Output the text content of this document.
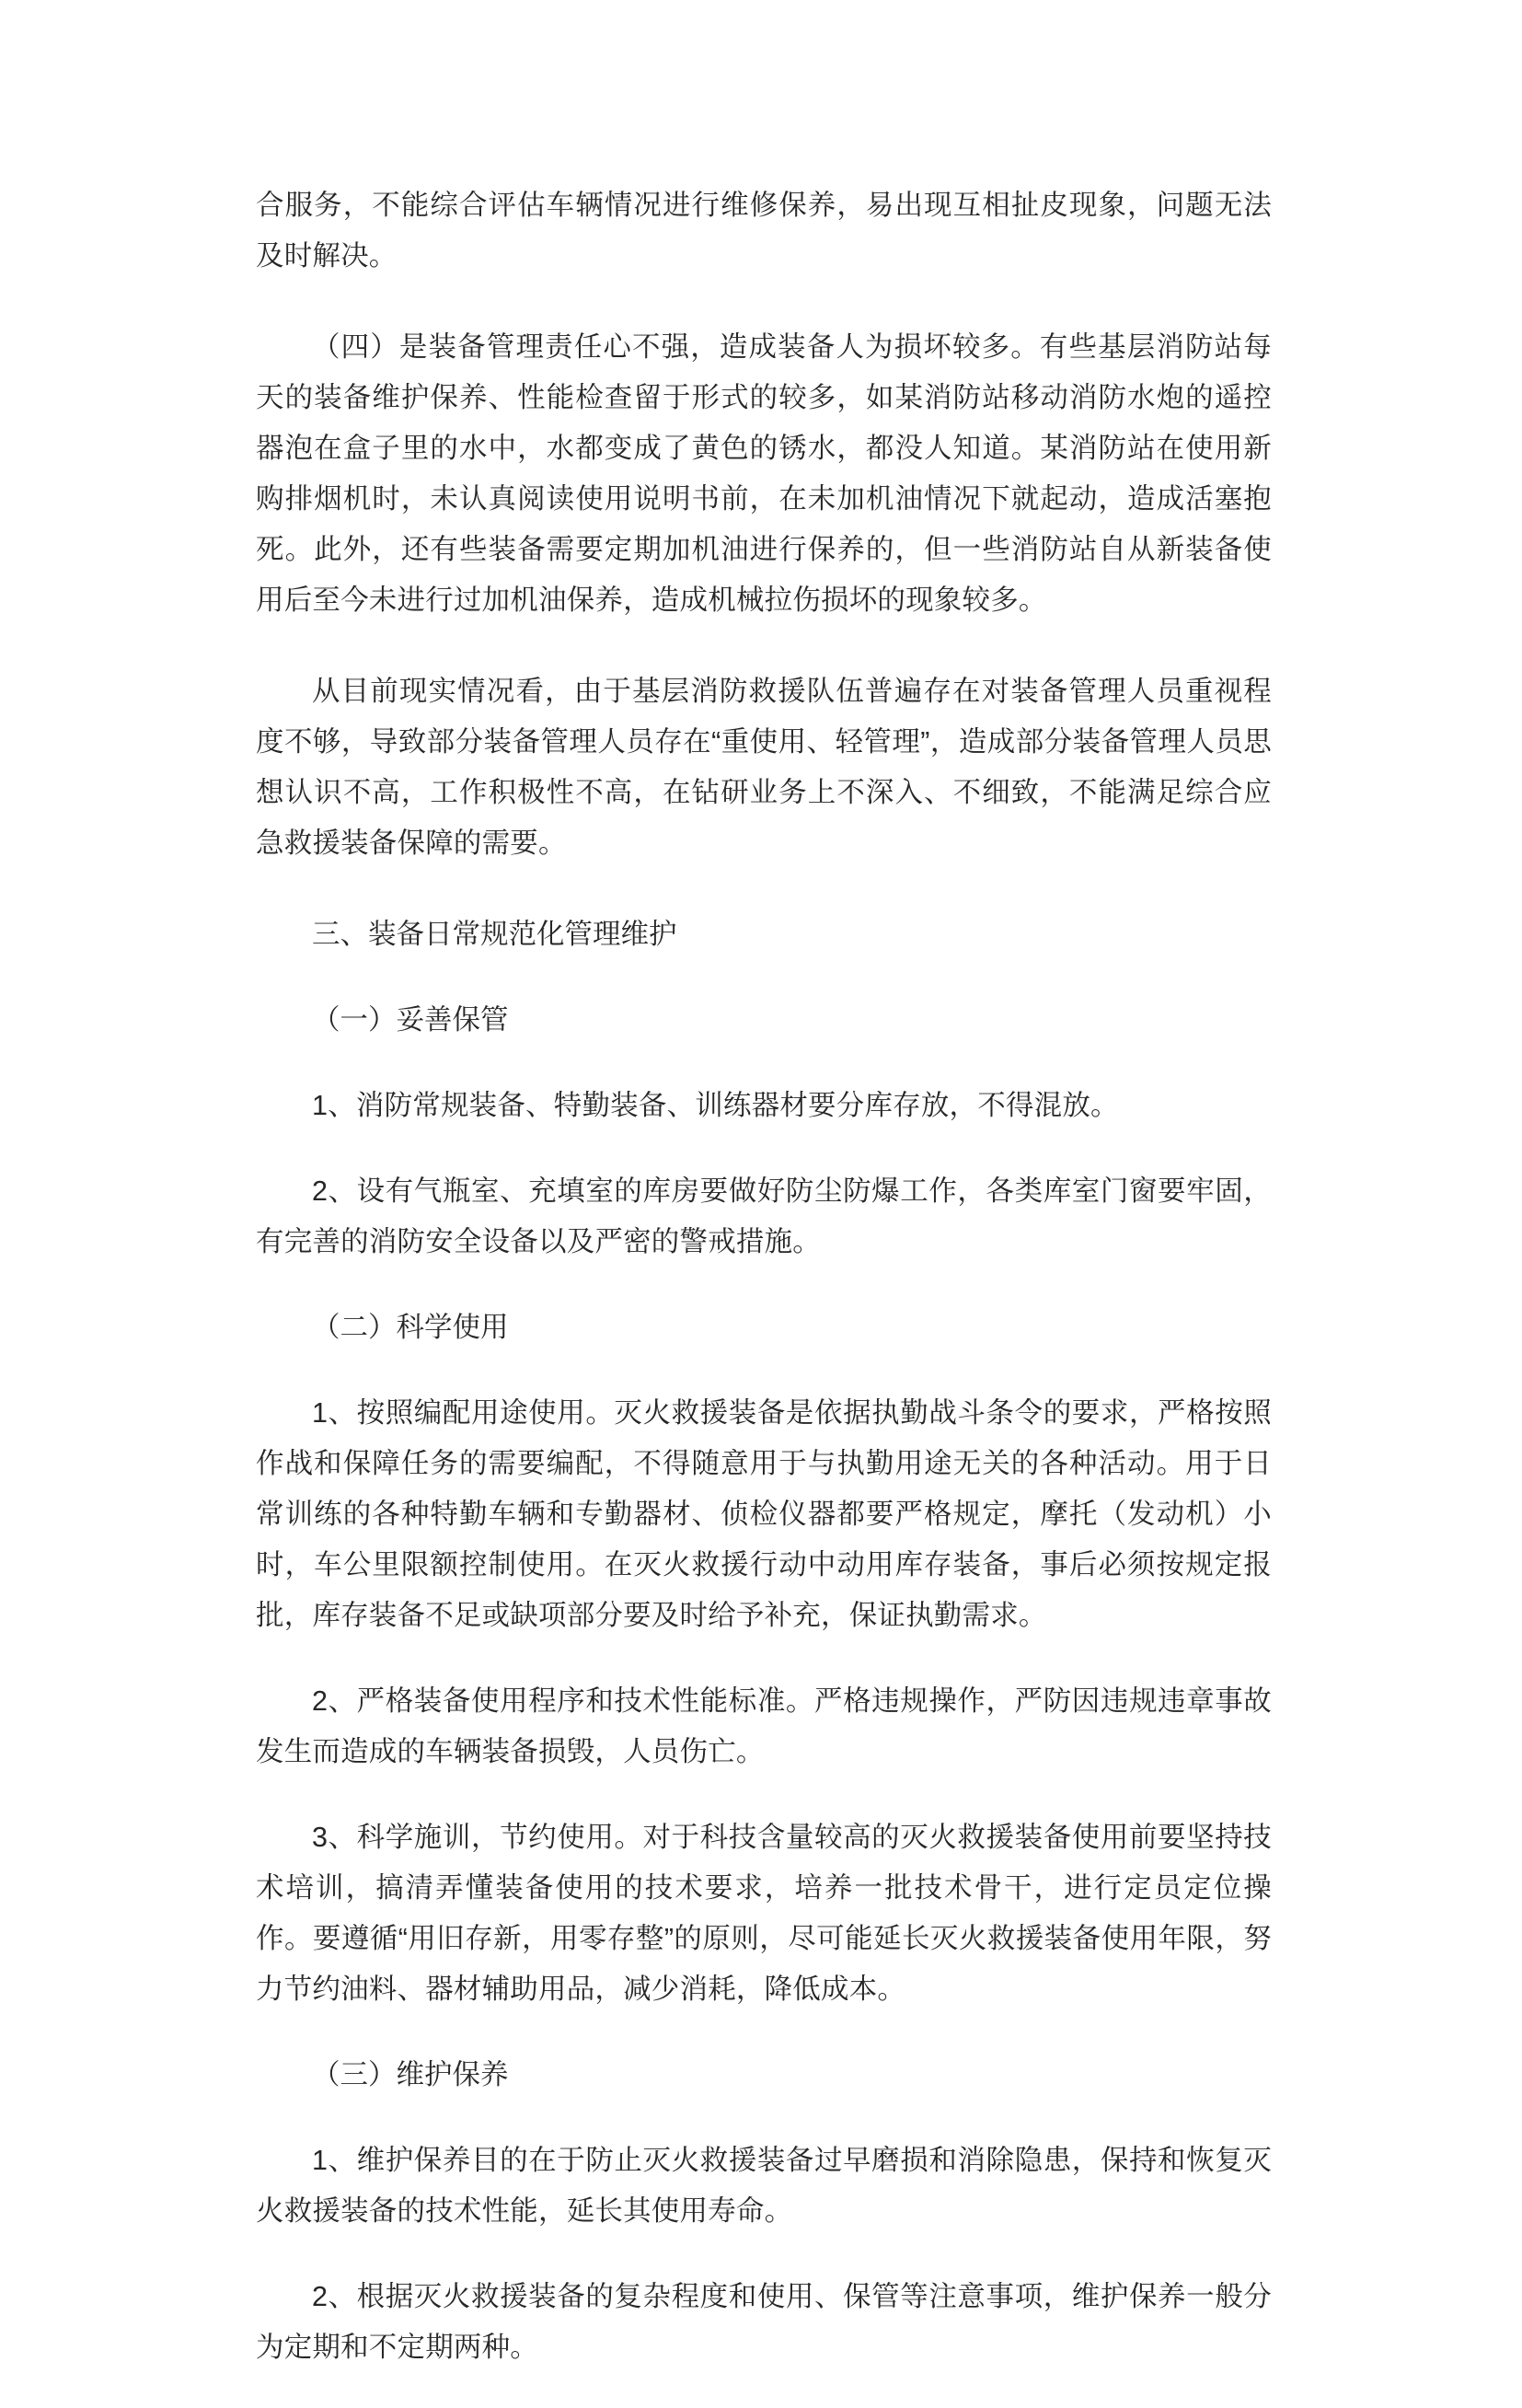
合服务，不能综合评估车辆情况进行维修保养，易出现互相扯皮现象，问题无法及时解决。

（四）是装备管理责任心不强，造成装备人为损坏较多。有些基层消防站每天的装备维护保养、性能检查留于形式的较多，如某消防站移动消防水炮的遥控器泡在盒子里的水中，水都变成了黄色的锈水，都没人知道。某消防站在使用新购排烟机时，未认真阅读使用说明书前，在未加机油情况下就起动，造成活塞抱死。此外，还有些装备需要定期加机油进行保养的，但一些消防站自从新装备使用后至今未进行过加机油保养，造成机械拉伤损坏的现象较多。

从目前现实情况看，由于基层消防救援队伍普遍存在对装备管理人员重视程度不够，导致部分装备管理人员存在“重使用、轻管理”，造成部分装备管理人员思想认识不高，工作积极性不高，在钻研业务上不深入、不细致，不能满足综合应急救援装备保障的需要。

三、装备日常规范化管理维护

（一）妥善保管

1、消防常规装备、特勤装备、训练器材要分库存放，不得混放。

2、设有气瓶室、充填室的库房要做好防尘防爆工作，各类库室门窗要牢固，有完善的消防安全设备以及严密的警戒措施。

（二）科学使用

1、按照编配用途使用。灭火救援装备是依据执勤战斗条令的要求，严格按照作战和保障任务的需要编配，不得随意用于与执勤用途无关的各种活动。用于日常训练的各种特勤车辆和专勤器材、侦检仪器都要严格规定，摩托（发动机）小时，车公里限额控制使用。在灭火救援行动中动用库存装备，事后必须按规定报批，库存装备不足或缺项部分要及时给予补充，保证执勤需求。

2、严格装备使用程序和技术性能标准。严格违规操作，严防因违规违章事故发生而造成的车辆装备损毁，人员伤亡。

3、科学施训，节约使用。对于科技含量较高的灭火救援装备使用前要坚持技术培训，搞清弄懂装备使用的技术要求，培养一批技术骨干，进行定员定位操作。要遵循“用旧存新，用零存整”的原则，尽可能延长灭火救援装备使用年限，努力节约油料、器材辅助用品，减少消耗，降低成本。

（三）维护保养

1、维护保养目的在于防止灭火救援装备过早磨损和消除隐患，保持和恢复灭火救援装备的技术性能，延长其使用寿命。

2、根据灭火救援装备的复杂程度和使用、保管等注意事项，维护保养一般分为定期和不定期两种。
